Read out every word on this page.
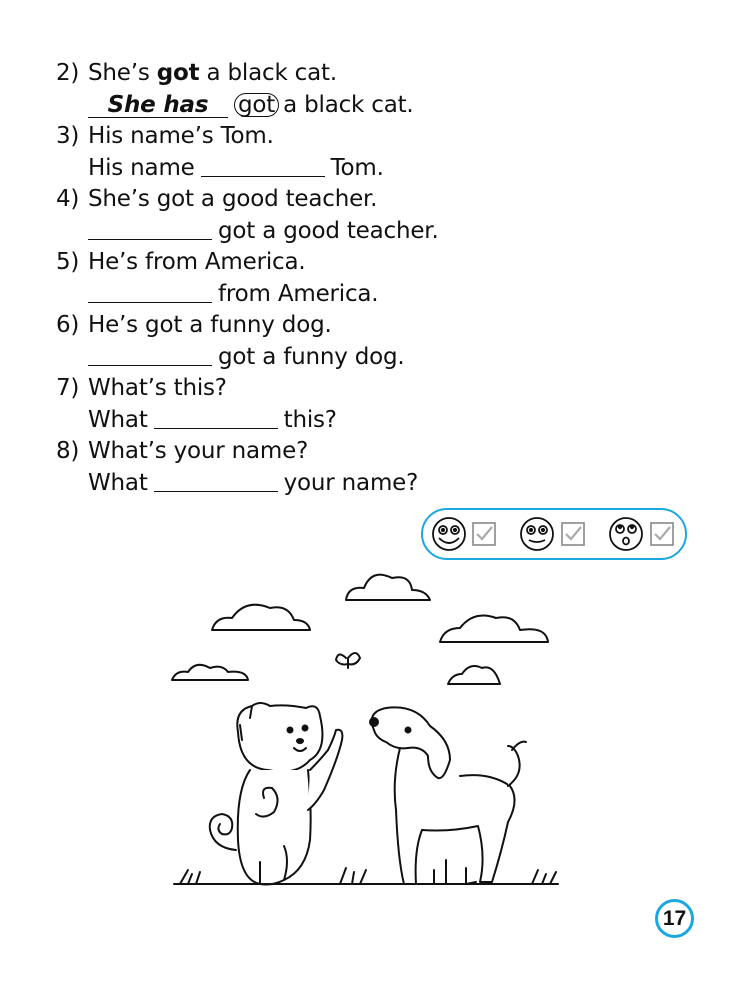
2) She’s got a black cat.
She has got a black cat.
3) His name’s Tom.
His name	Tom.
4) She’s got a good teacher.
got a good teacher.
5) He’s from America.
from America.
6) He’s got a funny dog.
got a funny dog.
7) What’s this?
What	this?
8) What’s your name?
What	your name?
17
